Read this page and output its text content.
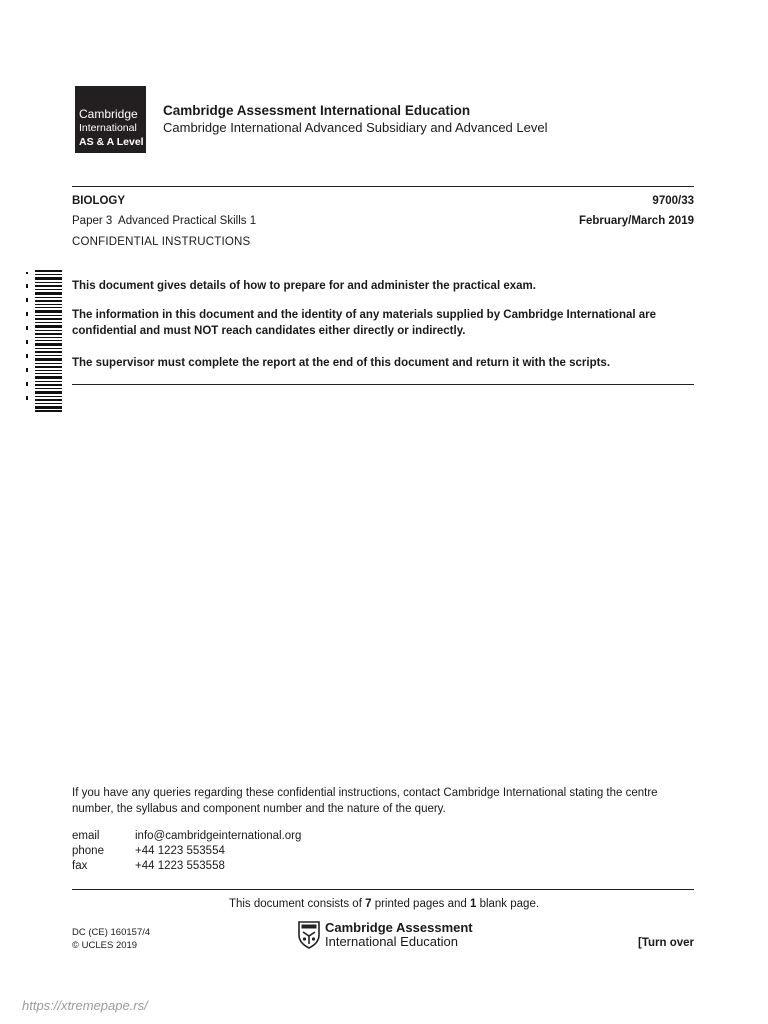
Cambridge
International
AS & A Level
Cambridge Assessment International Education
Cambridge International Advanced Subsidiary and Advanced Level
BIOLOGY	9700/33
Paper 3  Advanced Practical Skills 1	February/March 2019
CONFIDENTIAL INSTRUCTIONS
This document gives details of how to prepare for and administer the practical exam.
The information in this document and the identity of any materials supplied by Cambridge International are confidential and must NOT reach candidates either directly or indirectly.
The supervisor must complete the report at the end of this document and return it with the scripts.
If you have any queries regarding these confidential instructions, contact Cambridge International stating the centre number, the syllabus and component number and the nature of the query.
email	info@cambridgeinternational.org
phone	+44 1223 553554
fax	+44 1223 553558
This document consists of 7 printed pages and 1 blank page.
DC (CE) 160157/4
© UCLES 2019
Cambridge Assessment
International Education	[Turn over
https://xtremepape.rs/
